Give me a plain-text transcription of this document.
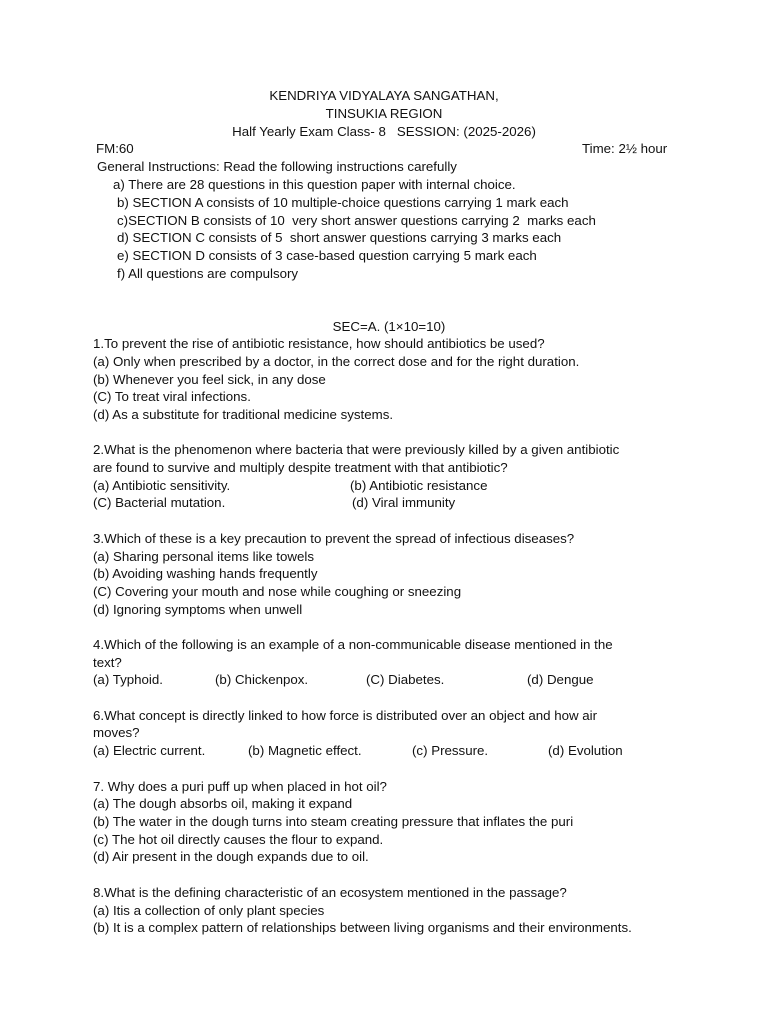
KENDRIYA VIDYALAYA SANGATHAN,
TINSUKIA REGION
Half Yearly Exam Class- 8   SESSION: (2025-2026)
FM:60	Time: 2½ hour
General Instructions: Read the following instructions carefully
a) There are 28 questions in this question paper with internal choice.
b) SECTION A consists of 10 multiple-choice questions carrying 1 mark each
c)SECTION B consists of 10  very short answer questions carrying 2  marks each
d) SECTION C consists of 5  short answer questions carrying 3 marks each
e) SECTION D consists of 3 case-based question carrying 5 mark each
f) All questions are compulsory
SEC=A. (1×10=10)
1.To prevent the rise of antibiotic resistance, how should antibiotics be used?
(a) Only when prescribed by a doctor, in the correct dose and for the right duration.
(b) Whenever you feel sick, in any dose
(C) To treat viral infections.
(d) As a substitute for traditional medicine systems.
2.What is the phenomenon where bacteria that were previously killed by a given antibiotic
are found to survive and multiply despite treatment with that antibiotic?
(a) Antibiotic sensitivity.	(b) Antibiotic resistance
(C) Bacterial mutation.	(d) Viral immunity
3.Which of these is a key precaution to prevent the spread of infectious diseases?
(a) Sharing personal items like towels
(b) Avoiding washing hands frequently
(C) Covering your mouth and nose while coughing or sneezing
(d) Ignoring symptoms when unwell
4.Which of the following is an example of a non-communicable disease mentioned in the
text?
(a) Typhoid.	(b) Chickenpox.	(C) Diabetes.	(d) Dengue
6.What concept is directly linked to how force is distributed over an object and how air
moves?
(a) Electric current.	(b) Magnetic effect.	(c) Pressure.	(d) Evolution
7. Why does a puri puff up when placed in hot oil?
(a) The dough absorbs oil, making it expand
(b) The water in the dough turns into steam creating pressure that inflates the puri
(c) The hot oil directly causes the flour to expand.
(d) Air present in the dough expands due to oil.
8.What is the defining characteristic of an ecosystem mentioned in the passage?
(a) Itis a collection of only plant species
(b) It is a complex pattern of relationships between living organisms and their environments.
